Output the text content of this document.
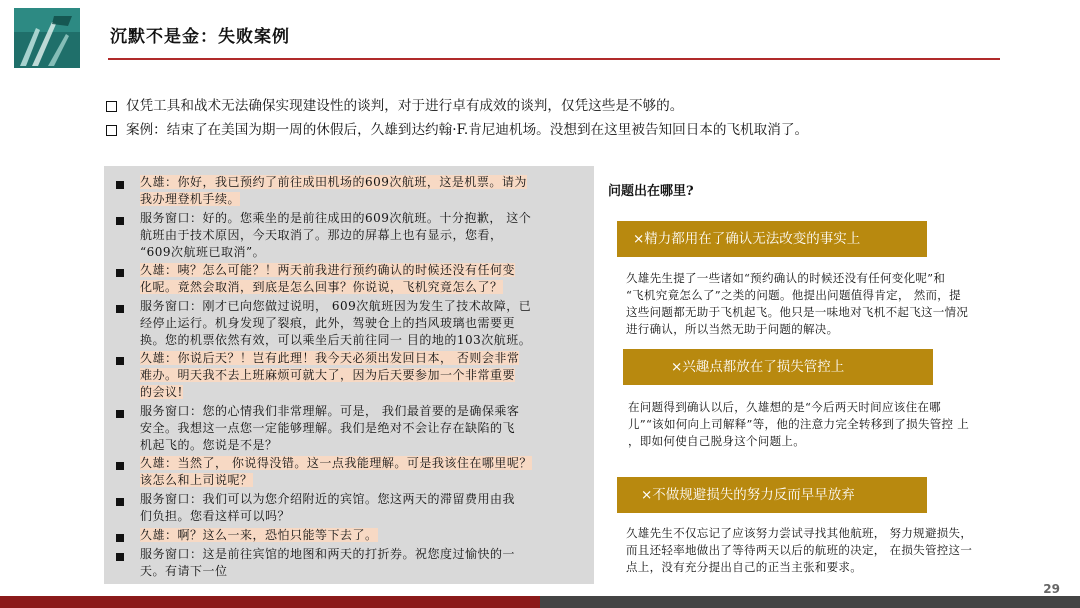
沉默不是金：失败案例
仅凭工具和战术无法确保实现建设性的谈判，对于进行卓有成效的谈判，仅凭这些是不够的。
案例：结束了在美国为期一周的休假后，久雄到达约翰·F.肯尼迪机场。没想到在这里被告知回日本的飞机取消了。
久雄：你好，我已预约了前往成田机场的609次航班，这是机票。请为
我办理登机手续。
服务窗口：好的。您乘坐的是前往成田的609次航班。十分抱歉， 这个
航班由于技术原因，今天取消了。那边的屏幕上也有显示，您看，
“609次航班已取消”。
久雄：咦？怎么可能？！两天前我进行预约确认的时候还没有任何变
化呢。竟然会取消，到底是怎么回事？你说说，飞机究竟怎么了？
服务窗口：刚才已向您做过说明， 609次航班因为发生了技术故障，已
经停止运行。机身发现了裂痕，此外，驾驶仓上的挡风玻璃也需要更
换。您的机票依然有效，可以乘坐后天前往同一 目的地的103次航班。
久雄：你说后天？！岂有此理！我今天必须出发回日本， 否则会非常
难办。明天我不去上班麻烦可就大了，因为后天要参加一个非常重要
的会议!
服务窗口：您的心情我们非常理解。可是， 我们最首要的是确保乘客
安全。我想这一点您一定能够理解。我们是绝对不会让存在缺陷的飞
机起飞的。您说是不是？
久雄：当然了， 你说得没错。这一点我能理解。可是我该住在哪里呢？
该怎么和上司说呢？
服务窗口：我们可以为您介绍附近的宾馆。您这两天的滞留费用由我
们负担。您看这样可以吗？
久雄：啊？这么一来，恐怕只能等下去了。
服务窗口：这是前往宾馆的地图和两天的打折券。祝您度过愉快的一
天。有请下一位
问题出在哪里?
×精力都用在了确认无法改变的事实上
久雄先生提了一些诸如“预约确认的时候还没有任何变化呢”和
“飞机究竟怎么了”之类的问题。他提出问题值得肯定， 然而，提
这些问题都无助于飞机起飞。他只是一味地对飞机不起飞这一情况
进行确认，所以当然无助于问题的解决。
×兴趣点都放在了损失管控上
在问题得到确认以后，久雄想的是“今后两天时间应该住在哪
儿”“该如何向上司解释”等，他的注意力完全转移到了损失管控 上
，即如何使自己脱身这个问题上。
×不做规避损失的努力反而早早放弃
久雄先生不仅忘记了应该努力尝试寻找其他航班， 努力规避损失，
而且还轻率地做出了等待两天以后的航班的决定， 在损失管控这一
点上，没有充分提出自己的正当主张和要求。
29
